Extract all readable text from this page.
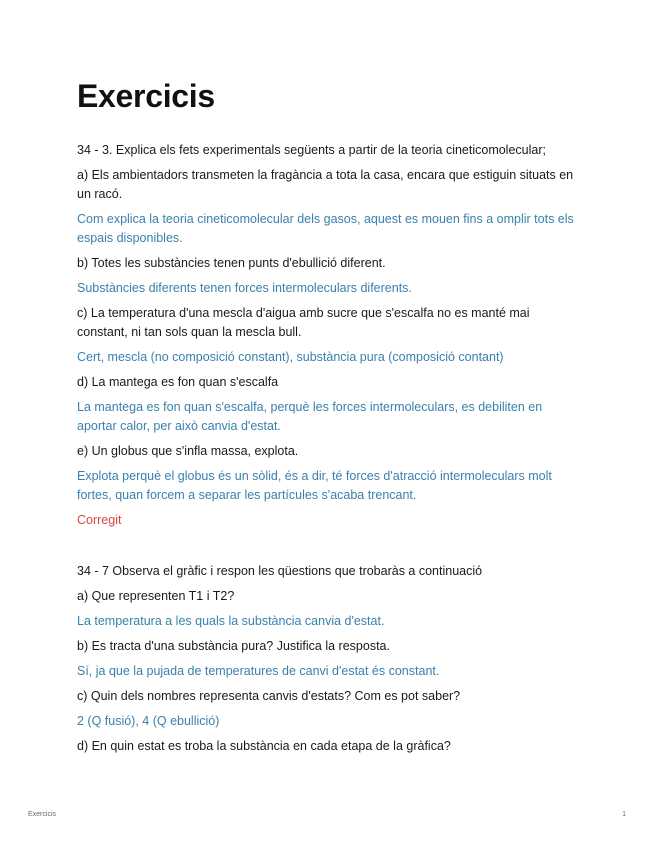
Exercicis

34 - 3. Explica els fets experimentals següents a partir de la teoria cineticomolecular;

a) Els ambientadors transmeten la fragància a tota la casa, encara que estiguin situats en un racó.

Com explica la teoria cineticomolecular dels gasos, aquest es mouen fins a omplir tots els espais disponibles.

b) Totes les substàncies tenen punts d'ebullició diferent.

Substàncies diferents tenen forces intermoleculars diferents.

c) La temperatura d'una mescla d'aigua amb sucre que s'escalfa no es manté mai constant, ni tan sols quan la mescla bull.

Cert, mescla (no composició constant), substància pura (composició contant)

d) La mantega es fon quan s'escalfa

La mantega es fon quan s'escalfa, perquè les forces intermoleculars, es debiliten en aportar calor, per això canvia d'estat.

e) Un globus que s'infla massa, explota.

Explota perquè el globus és un sòlid, és a dir, té forces d'atracció intermoleculars molt fortes, quan forcem a separar les partícules s'acaba trencant.

Corregit

34 - 7 Observa el gràfic i respon les qüestions que trobaràs a continuació

a) Que representen T1 i T2?

La temperatura a les quals la substància canvia d'estat.

b) Es tracta d'una substància pura? Justifica la resposta.

Sí, ja que la pujada de temperatures de canvi d'estat és constant.

c) Quin dels nombres representa canvis d'estats? Com es pot saber?

2 (Q fusió), 4 (Q ebullició)

d) En quin estat es troba la substància en cada etapa de la gràfica?

Exercicis	1
